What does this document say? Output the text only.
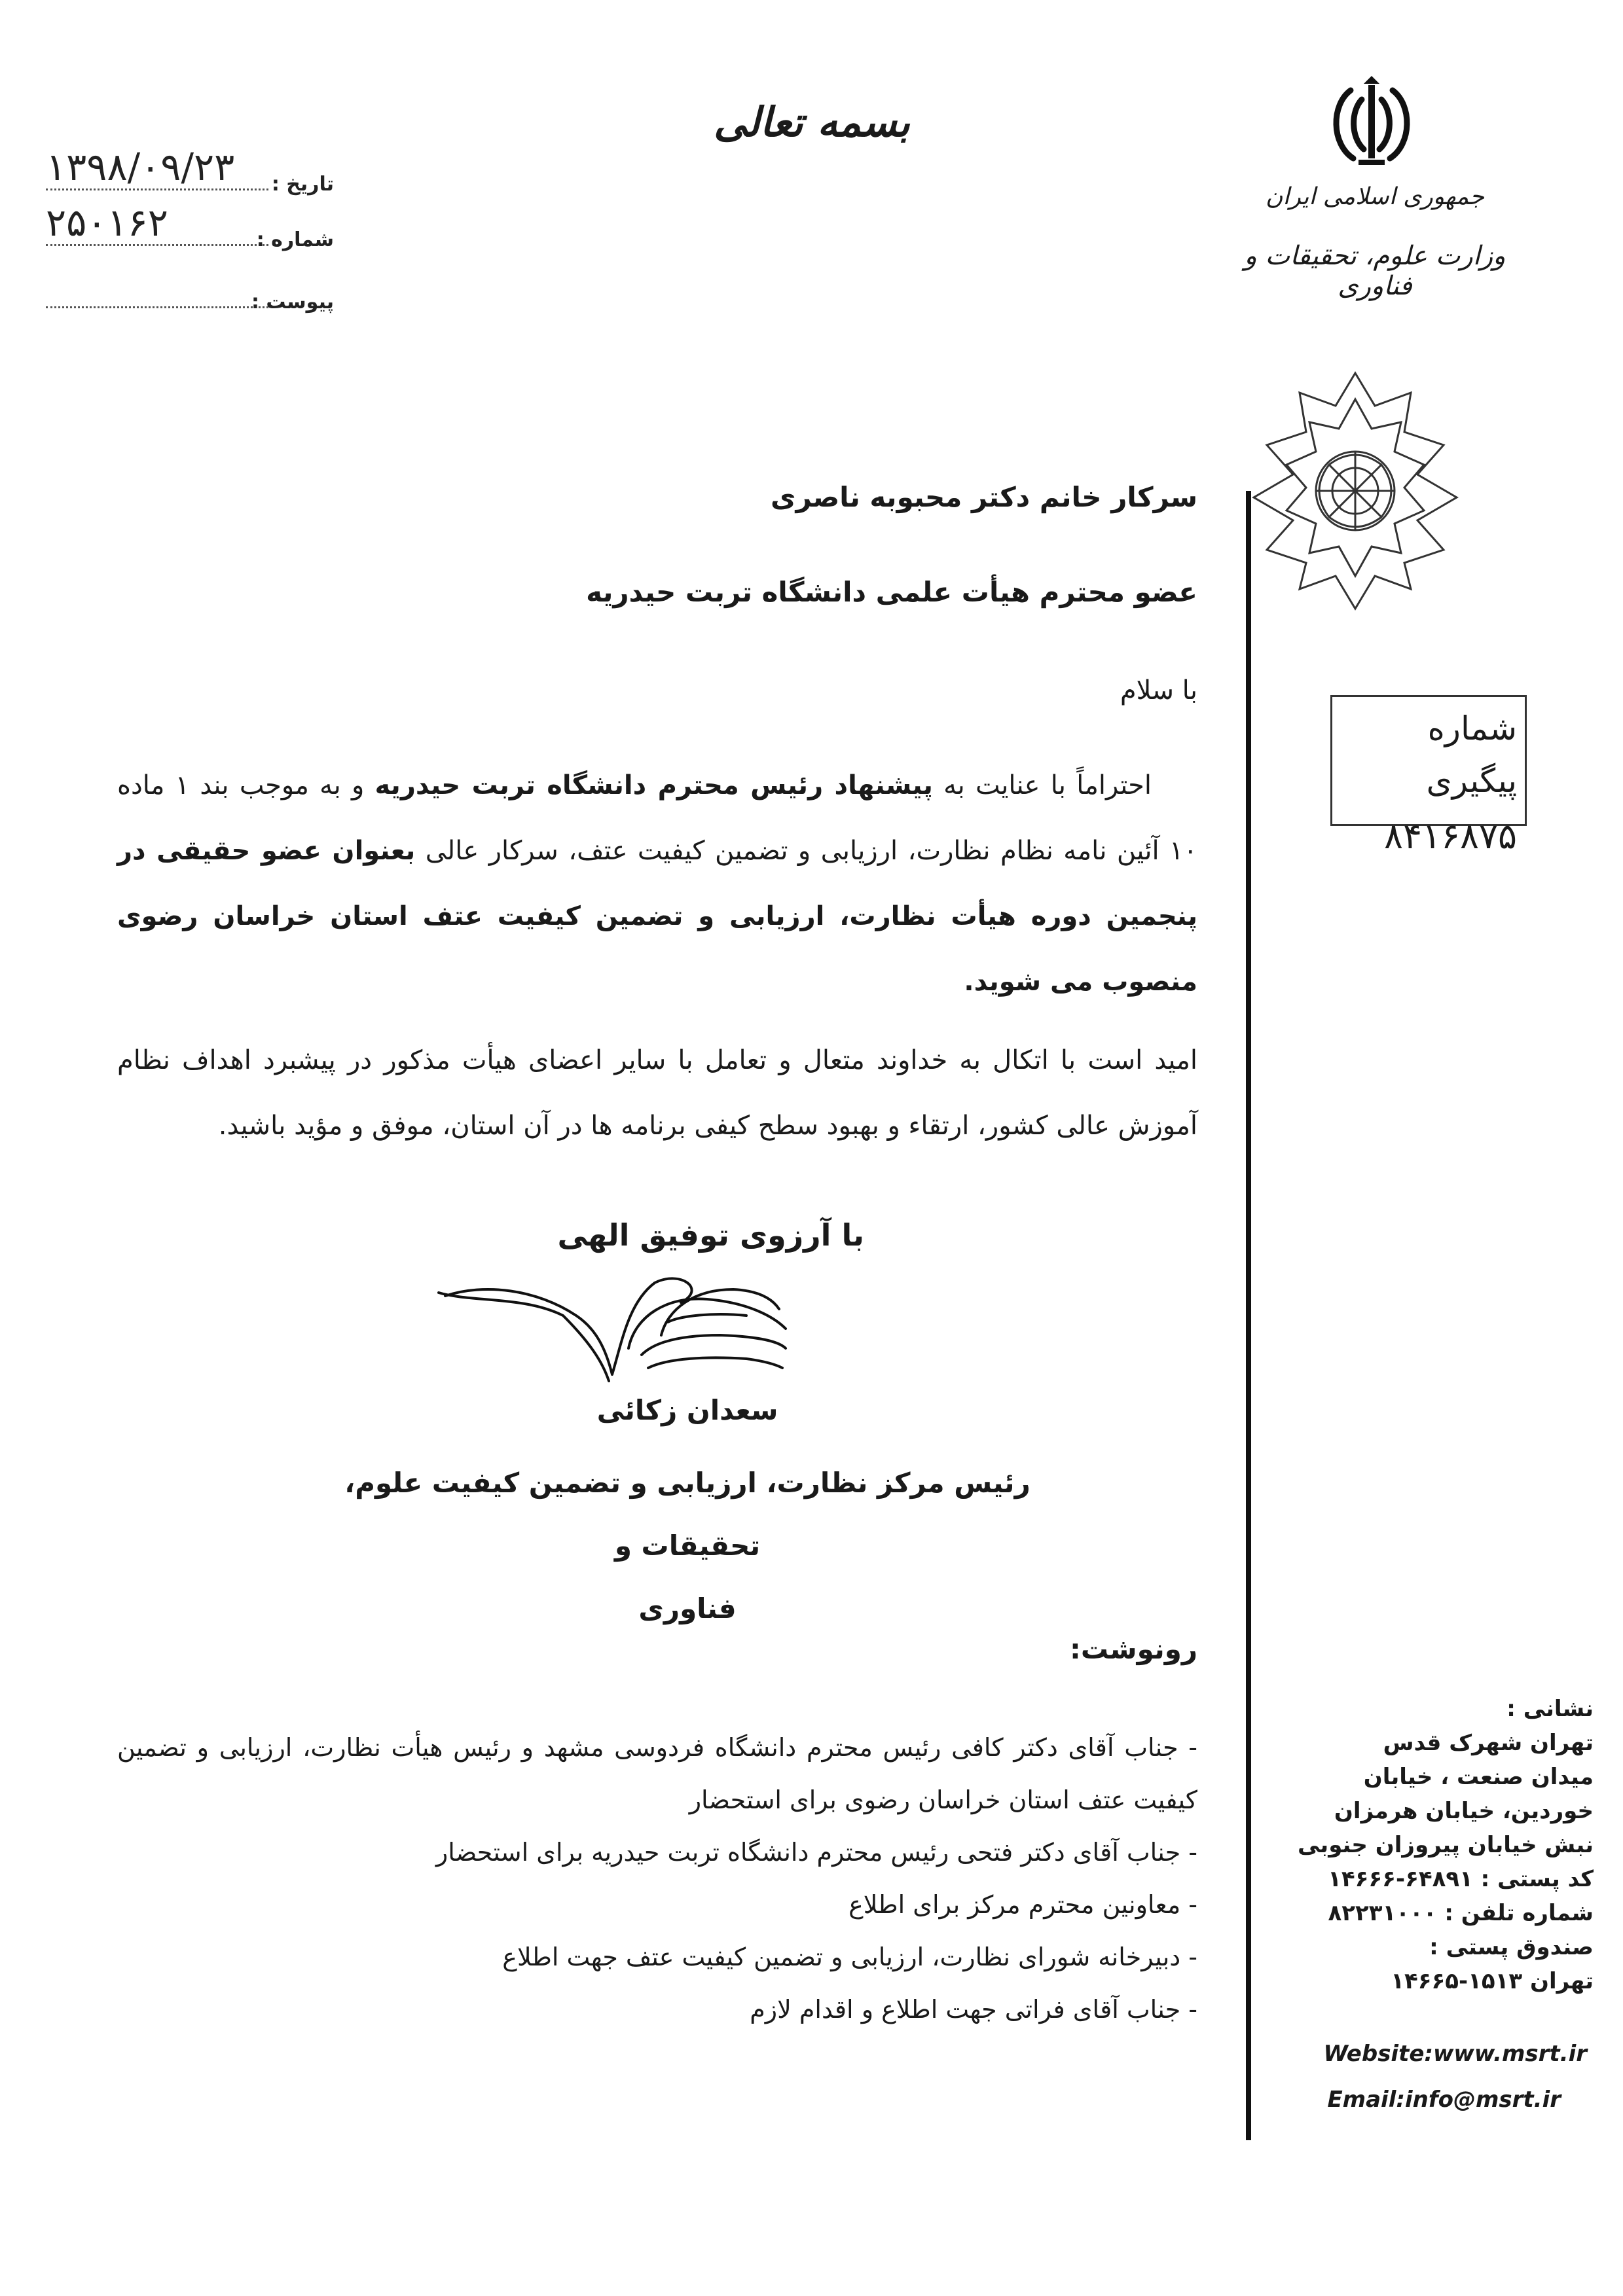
بسمه تعالی
۱۳۹۸/۰۹/۲۳ تاریخ :
۲۵۰۱۶۲	شماره :
پیوست :
جمهوری اسلامی ایران
وزارت علوم، تحقیقات و فناوری
شماره پیگیری
۸۴۱۶۸۷۵
سرکار خانم دکتر محبوبه ناصری
عضو محترم هیأت علمی دانشگاه تربت حیدریه
با سلام
احتراماً با عنایت به پیشنهاد رئیس محترم دانشگاه تربت حیدریه و به موجب بند ۱ ماده ۱۰ آئین نامه نظام نظارت، ارزیابی و تضمین کیفیت عتف، سرکار عالی بعنوان عضو حقیقی در پنجمین دوره هیأت نظارت، ارزیابی و تضمین کیفیت عتف استان خراسان رضوی منصوب می شوید.
امید است با اتکال به خداوند متعال و تعامل با سایر اعضای هیأت مذکور در پیشبرد اهداف نظام آموزش عالی کشور، ارتقاء و بهبود سطح کیفی برنامه ها در آن استان، موفق و مؤید باشید.
با آرزوی توفیق الهی
سعدان زکائی
رئیس مرکز نظارت، ارزیابی و تضمین کیفیت علوم، تحقیقات و
فناوری
رونوشت:
- جناب آقای دکتر کافی رئیس محترم دانشگاه فردوسی مشهد و رئیس هیأت نظارت، ارزیابی و تضمین کیفیت عتف استان خراسان رضوی برای استحضار
- جناب آقای دکتر فتحی رئیس محترم دانشگاه تربت حیدریه برای استحضار
- معاونین محترم مرکز برای اطلاع
- دبیرخانه شورای نظارت، ارزیابی و تضمین کیفیت عتف جهت اطلاع
- جناب آقای فراتی جهت اطلاع و اقدام لازم
نشانی :
تهران شهرک قدس
میدان صنعت ، خیابان
خوردین، خیابان هرمزان
نبش خیابان پیروزان جنوبی
کد پستی : ۶۴۸۹۱-۱۴۶۶۶
شماره تلفن : ۸۲۲۳۱۰۰۰
صندوق پستی :
تهران ۱۵۱۳-۱۴۶۶۵
Website:www.msrt.ir
Email:info@msrt.ir
